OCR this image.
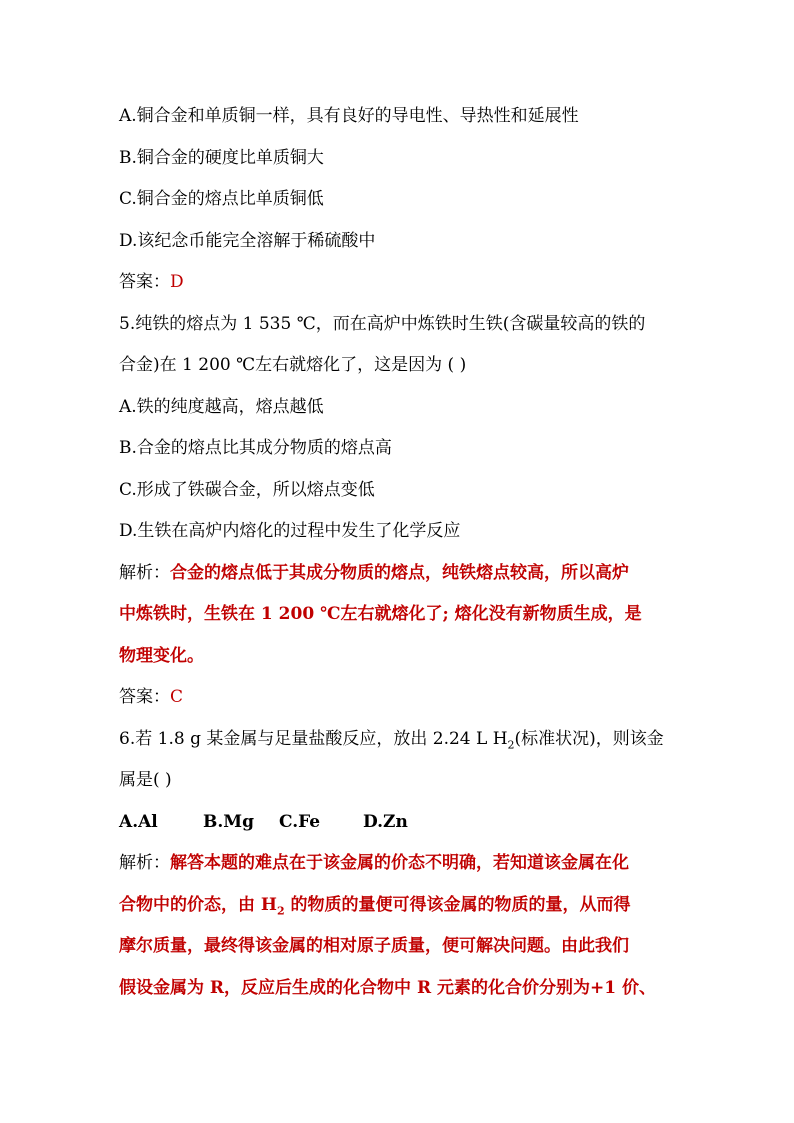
A.铜合金和单质铜一样，具有良好的导电性、导热性和延展性
B.铜合金的硬度比单质铜大
C.铜合金的熔点比单质铜低
D.该纪念币能完全溶解于稀硫酸中
答案：D
5.纯铁的熔点为 1 535 ℃，而在高炉中炼铁时生铁(含碳量较高的铁的
合金)在 1 200 ℃左右就熔化了，这是因为 ( )
A.铁的纯度越高，熔点越低
B.合金的熔点比其成分物质的熔点高
C.形成了铁碳合金，所以熔点变低
D.生铁在高炉内熔化的过程中发生了化学反应
解析：合金的熔点低于其成分物质的熔点，纯铁熔点较高，所以高炉
中炼铁时，生铁在 1 200 ℃左右就熔化了; 熔化没有新物质生成，是
物理变化。
答案：C
6.若 1.8 g 某金属与足量盐酸反应，放出 2.24 L $H_2$(标准状况)，则该金
属是( )
A.Al	B.Mg C.Fe	D.Zn
解析：解答本题的难点在于该金属的价态不明确，若知道该金属在化
合物中的价态，由 $H_2$ 的物质的量便可得该金属的物质的量，从而得
摩尔质量，最终得该金属的相对原子质量，便可解决问题。由此我们
假设金属为 R，反应后生成的化合物中 R 元素的化合价分别为+1 价、
